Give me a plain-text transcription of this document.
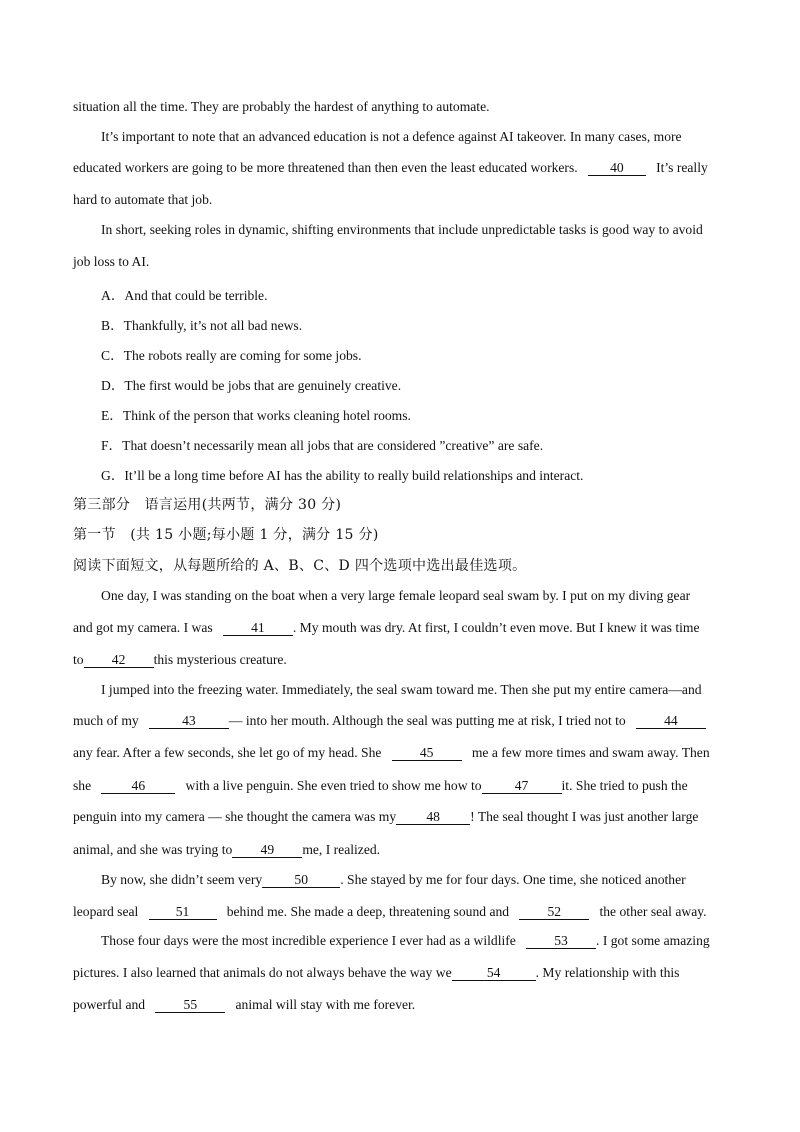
situation all the time. They are probably the hardest of anything to automate.
It’s important to note that an advanced education is not a defence against AI takeover. In many cases, more
educated workers are going to be more threatened than then even the least educated workers. 40 It’s really
hard to automate that job.
In short, seeking roles in dynamic, shifting environments that include unpredictable tasks is good way to avoid
job loss to AI.
A．And that could be terrible.
B．Thankfully, it’s not all bad news.
C．The robots really are coming for some jobs.
D．The first would be jobs that are genuinely creative.
E．Think of the person that works cleaning hotel rooms.
F．That doesn’t necessarily mean all jobs that are considered ”creative” are safe.
G．It’ll be a long time before AI has the ability to really build relationships and interact.
第三部分　语言运用(共两节，满分 30 分)
第一节　(共 15 小题;每小题 1 分，满分 15 分)
阅读下面短文，从每题所给的 A、B、C、D 四个选项中选出最佳选项。
One day, I was standing on the boat when a very large female leopard seal swam by. I put on my diving gear
and got my camera. I was	41 . My mouth was dry. At first, I couldn’t even move. But I knew it was time
to 42 this mysterious creature.
I jumped into the freezing water. Immediately, the seal swam toward me. Then she put my entire camera—and
much of my	43 — into her mouth. Although the seal was putting me at risk, I tried not to	44
any fear. After a few seconds, she let go of my head. She	45	me a few more times and swam away. Then
she	46	with a live penguin. She even tried to show me how to 47 it. She tried to push the
penguin into my camera — she thought the camera was my 48 ! The seal thought I was just another large
animal, and she was trying to 49 me, I realized.
By now, she didn’t seem very 50 . She stayed by me for four days. One time, she noticed another
leopard seal	51	behind me. She made a deep, threatening sound and	52	the other seal away.
Those four days were the most incredible experience I ever had as a wildlife	53 . I got some amazing
pictures. I also learned that animals do not always behave the way we	54	. My relationship with this
powerful and	55	animal will stay with me forever.
